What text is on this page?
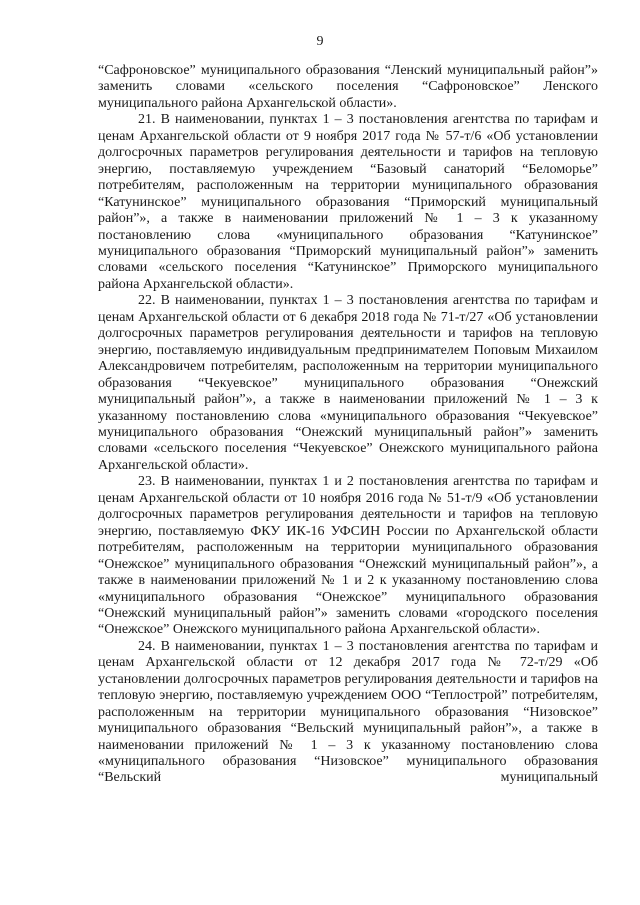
9

“Сафроновское” муниципального образования “Ленский муниципальный район”» заменить словами «сельского поселения “Сафроновское” Ленского муниципального района Архангельской области».

21. В наименовании, пунктах 1 – 3 постановления агентства по тарифам и ценам Архангельской области от 9 ноября 2017 года № 57-т/6 «Об установлении долгосрочных параметров регулирования деятельности и тарифов на тепловую энергию, поставляемую учреждением “Базовый санаторий “Беломорье” потребителям, расположенным на территории муниципального образования “Катунинское” муниципального образования “Приморский муниципальный район”», а также в наименовании приложений № 1 – 3 к указанному постановлению слова «муниципального образования “Катунинское” муниципального образования “Приморский муниципальный район”» заменить словами «сельского поселения “Катунинское” Приморского муниципального района Архангельской области».

22. В наименовании, пунктах 1 – 3 постановления агентства по тарифам и ценам Архангельской области от 6 декабря 2018 года № 71-т/27 «Об установлении долгосрочных параметров регулирования деятельности и тарифов на тепловую энергию, поставляемую индивидуальным предпринимателем Поповым Михаилом Александровичем потребителям, расположенным на территории муниципального образования “Чекуевское” муниципального образования “Онежский муниципальный район”», а также в наименовании приложений № 1 – 3 к указанному постановлению слова «муниципального образования “Чекуевское” муниципального образования “Онежский муниципальный район”» заменить словами «сельского поселения “Чекуевское” Онежского муниципального района Архангельской области».

23. В наименовании, пунктах 1 и 2 постановления агентства по тарифам и ценам Архангельской области от 10 ноября 2016 года № 51-т/9 «Об установлении долгосрочных параметров регулирования деятельности и тарифов на тепловую энергию, поставляемую ФКУ ИК-16 УФСИН России по Архангельской области потребителям, расположенным на территории муниципального образования “Онежское” муниципального образования “Онежский муниципальный район”», а также в наименовании приложений № 1 и 2 к указанному постановлению слова «муниципального образования “Онежское” муниципального образования “Онежский муниципальный район”» заменить словами «городского поселения “Онежское” Онежского муниципального района Архангельской области».

24. В наименовании, пунктах 1 – 3 постановления агентства по тарифам и ценам Архангельской области от 12 декабря 2017 года № 72-т/29 «Об установлении долгосрочных параметров регулирования деятельности и тарифов на тепловую энергию, поставляемую учреждением ООО “Теплострой” потребителям, расположенным на территории муниципального образования “Низовское” муниципального образования “Вельский муниципальный район”», а также в наименовании приложений № 1 – 3 к указанному постановлению слова «муниципального образования “Низовское” муниципального образования “Вельский муниципальный
